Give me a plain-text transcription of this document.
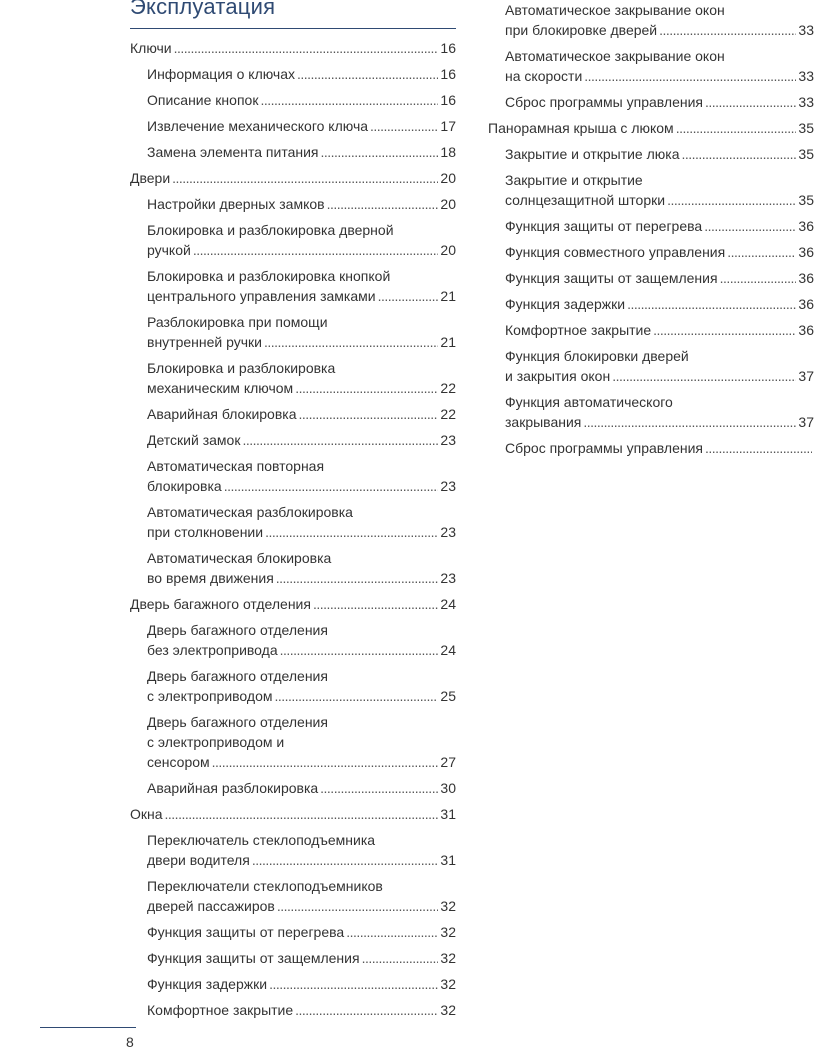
Эксплуатация
Ключи . . .	16
Информация о ключах . . .	16
Описание кнопок . . .	16
Извлечение механического ключа . . .	17
Замена элемента питания . . .	18
Двери . . .	20
Настройки дверных замков . . .	20
Блокировка и разблокировка дверной
ручкой . . .	20
Блокировка и разблокировка кнопкой
центрального управления замками . . .	21
Разблокировка при помощи
внутренней ручки . . .	21
Блокировка и разблокировка
механическим ключом . . .	22
Аварийная блокировка . . .	22
Детский замок . . .	23
Автоматическая повторная
блокировка . . .	23
Автоматическая разблокировка
при столкновении . . .	23
Автоматическая блокировка
во время движения . . .	23
Дверь багажного отделения . . .	24
Дверь багажного отделения
без электропривода . . .	24
Дверь багажного отделения
с электроприводом . . .	25
Дверь багажного отделения
с электроприводом и
сенсором . . .	27
Аварийная разблокировка . . .	30
Окна . . .	31
Переключатель стеклоподъемника
двери водителя . . .	31
Переключатели стеклоподъемников
дверей пассажиров . . .	32
Функция защиты от перегрева . . .	32
Функция защиты от защемления . . .	32
Функция задержки . . .	32
Комфортное закрытие . . .	32
Автоматическое закрывание окон
при блокировке дверей . . .	33
Автоматическое закрывание окон
на скорости . . .	33
Сброс программы управления . . .	33
Панорамная крыша с люком . . .	35
Закрытие и открытие люка . . .	35
Закрытие и открытие
солнцезащитной шторки . . .	35
Функция защиты от перегрева . . .	36
Функция совместного управления . . .	36
Функция защиты от защемления . . .	36
Функция задержки . . .	36
Комфортное закрытие . . .	36
Функция блокировки дверей
и закрытия окон . . .	37
Функция автоматического
закрывания . . .	37
Сброс программы управления
. . .
8
